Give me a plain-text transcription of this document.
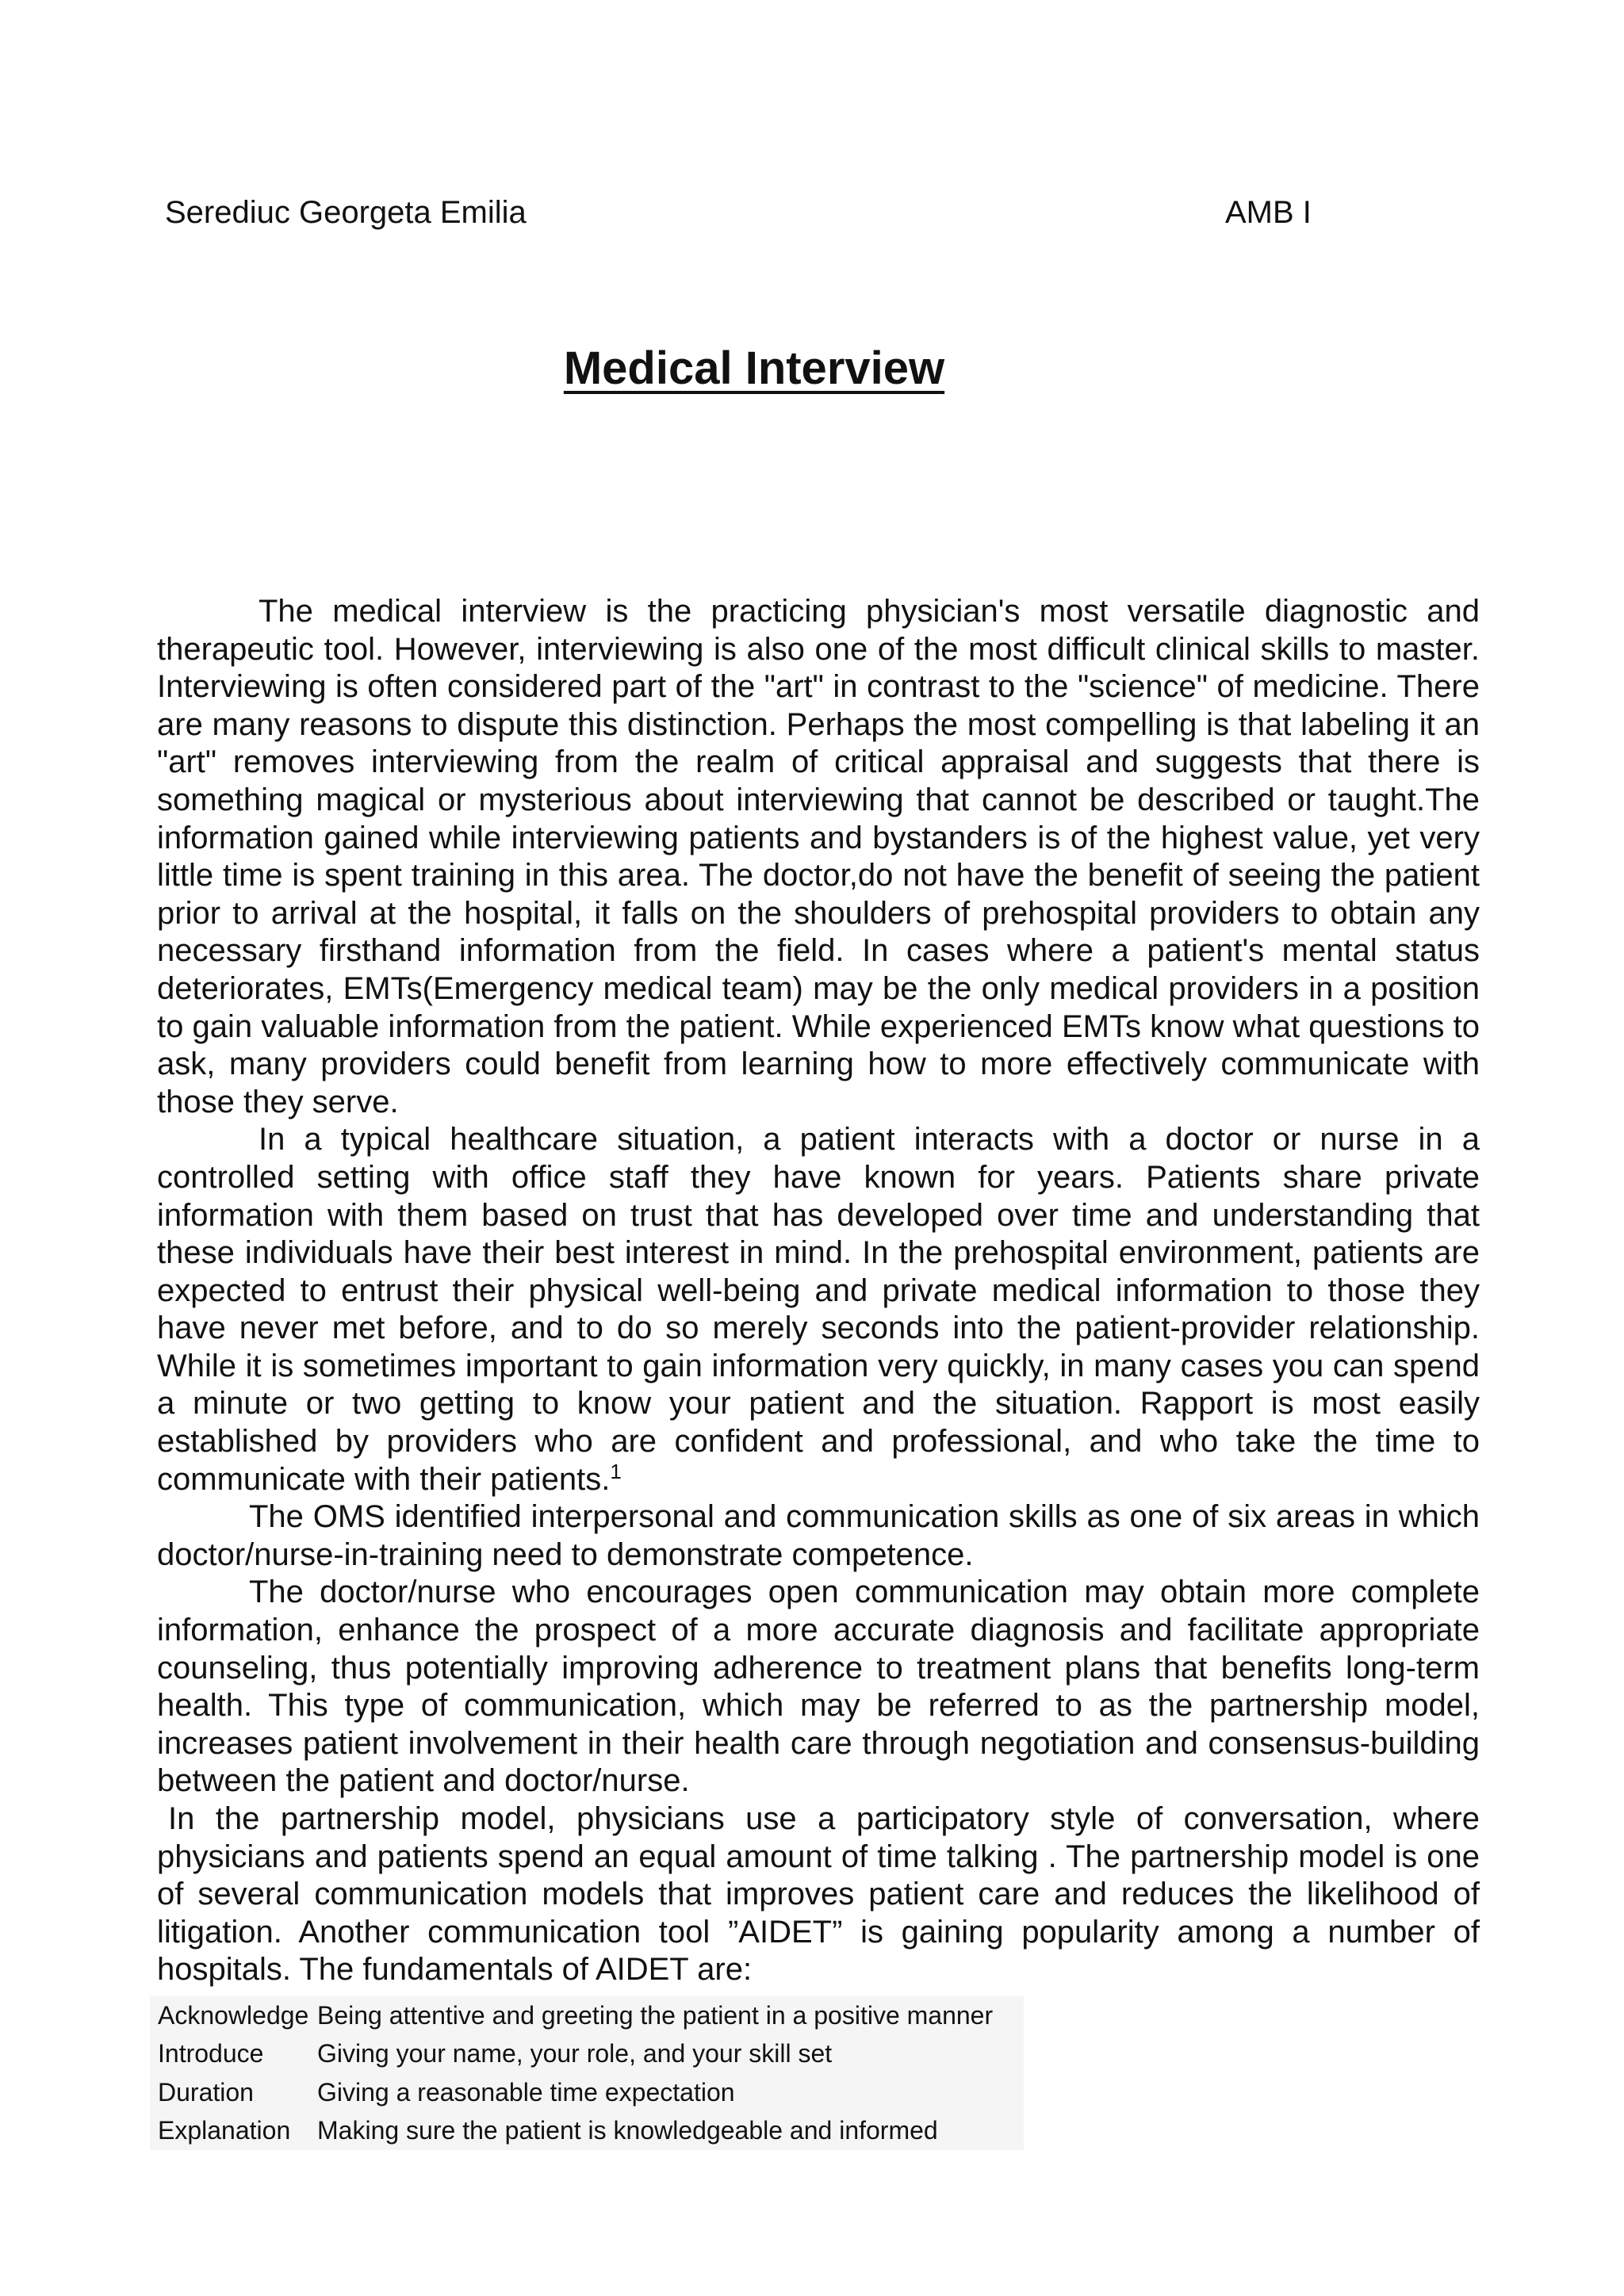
Serediuc Georgeta Emilia	AMB I
Medical Interview

The medical interview is the practicing physician's most versatile diagnostic and therapeutic tool. However, interviewing is also one of the most difficult clinical skills to master. Interviewing is often considered part of the "art" in contrast to the "science" of medicine. There are many reasons to dispute this distinction. Perhaps the most compelling is that labeling it an "art" removes interviewing from the realm of critical appraisal and suggests that there is something magical or mysterious about interviewing that cannot be described or taught.The information gained while interviewing patients and bystanders is of the highest value, yet very little time is spent training in this area. The doctor,do not have the benefit of seeing the patient prior to arrival at the hospital, it falls on the shoulders of prehospital providers to obtain any necessary firsthand information from the field. In cases where a patient's mental status deteriorates, EMTs(Emergency medical team) may be the only medical providers in a position to gain valuable information from the patient. While experienced EMTs know what questions to ask, many providers could benefit from learning how to more effectively communicate with those they serve.

In a typical healthcare situation, a patient interacts with a doctor or nurse in a controlled setting with office staff they have known for years. Patients share private information with them based on trust that has developed over time and understanding that these individuals have their best interest in mind. In the prehospital environment, patients are expected to entrust their physical well-being and private medical information to those they have never met before, and to do so merely seconds into the patient-provider relationship. While it is sometimes important to gain information very quickly, in many cases you can spend a minute or two getting to know your patient and the situation. Rapport is most easily established by providers who are confident and professional, and who take the time to communicate with their patients.$^1$

The OMS identified interpersonal and communication skills as one of six areas in which doctor/nurse-in-training need to demonstrate competence.

The doctor/nurse who encourages open communication may obtain more complete information, enhance the prospect of a more accurate diagnosis and facilitate appropriate counseling, thus potentially improving adherence to treatment plans that benefits long-term health. This type of communication, which may be referred to as the partnership model, increases patient involvement in their health care through negotiation and consensus-building between the patient and doctor/nurse.

In the partnership model, physicians use a participatory style of conversation, where physicians and patients spend an equal amount of time talking . The partnership model is one of several communication models that improves patient care and reduces the likelihood of litigation. Another communication tool ”AIDET” is gaining popularity among a number of hospitals. The fundamentals of AIDET are:

Acknowledge	Being attentive and greeting the patient in a positive manner
Introduce	Giving your name, your role, and your skill set
Duration	Giving a reasonable time expectation
Explanation	Making sure the patient is knowledgeable and informed
